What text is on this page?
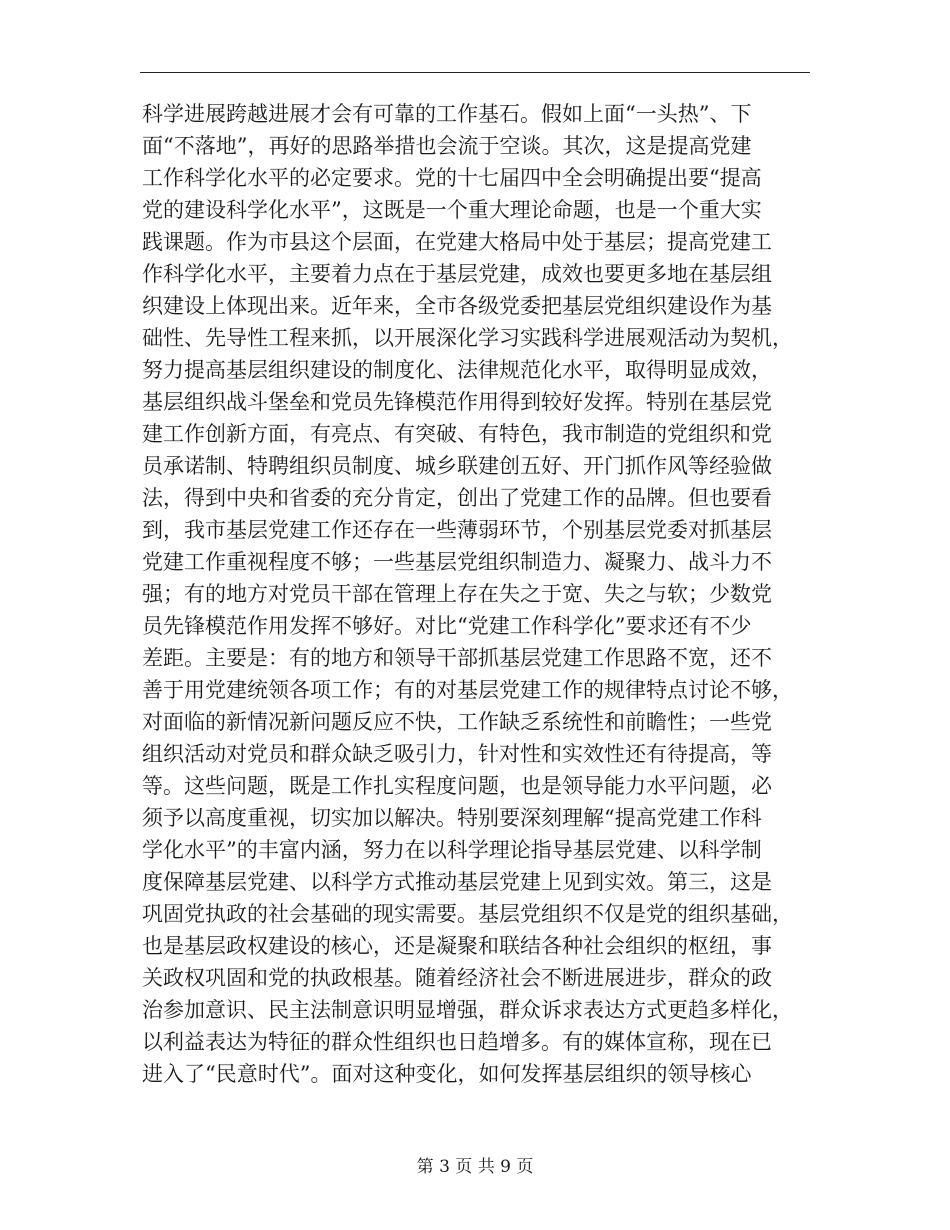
科学进展跨越进展才会有可靠的工作基石。假如上面“一头热”、下
面“不落地”，再好的思路举措也会流于空谈。其次，这是提高党建
工作科学化水平的必定要求。党的十七届四中全会明确提出要“提高
党的建设科学化水平”，这既是一个重大理论命题，也是一个重大实
践课题。作为市县这个层面，在党建大格局中处于基层；提高党建工
作科学化水平，主要着力点在于基层党建，成效也要更多地在基层组
织建设上体现出来。近年来，全市各级党委把基层党组织建设作为基
础性、先导性工程来抓，以开展深化学习实践科学进展观活动为契机，
努力提高基层组织建设的制度化、法律规范化水平，取得明显成效，
基层组织战斗堡垒和党员先锋模范作用得到较好发挥。特别在基层党
建工作创新方面，有亮点、有突破、有特色，我市制造的党组织和党
员承诺制、特聘组织员制度、城乡联建创五好、开门抓作风等经验做
法，得到中央和省委的充分肯定，创出了党建工作的品牌。但也要看
到，我市基层党建工作还存在一些薄弱环节，个别基层党委对抓基层
党建工作重视程度不够；一些基层党组织制造力、凝聚力、战斗力不
强；有的地方对党员干部在管理上存在失之于宽、失之与软；少数党
员先锋模范作用发挥不够好。对比“党建工作科学化”要求还有不少
差距。主要是：有的地方和领导干部抓基层党建工作思路不宽，还不
善于用党建统领各项工作；有的对基层党建工作的规律特点讨论不够，
对面临的新情况新问题反应不快，工作缺乏系统性和前瞻性；一些党
组织活动对党员和群众缺乏吸引力，针对性和实效性还有待提高，等
等。这些问题，既是工作扎实程度问题，也是领导能力水平问题，必
须予以高度重视，切实加以解决。特别要深刻理解“提高党建工作科
学化水平”的丰富内涵，努力在以科学理论指导基层党建、以科学制
度保障基层党建、以科学方式推动基层党建上见到实效。第三，这是
巩固党执政的社会基础的现实需要。基层党组织不仅是党的组织基础，
也是基层政权建设的核心，还是凝聚和联结各种社会组织的枢纽，事
关政权巩固和党的执政根基。随着经济社会不断进展进步，群众的政
治参加意识、民主法制意识明显增强，群众诉求表达方式更趋多样化，
以利益表达为特征的群众性组织也日趋增多。有的媒体宣称，现在已
进入了“民意时代”。面对这种变化，如何发挥基层组织的领导核心
第 3 页 共 9 页
